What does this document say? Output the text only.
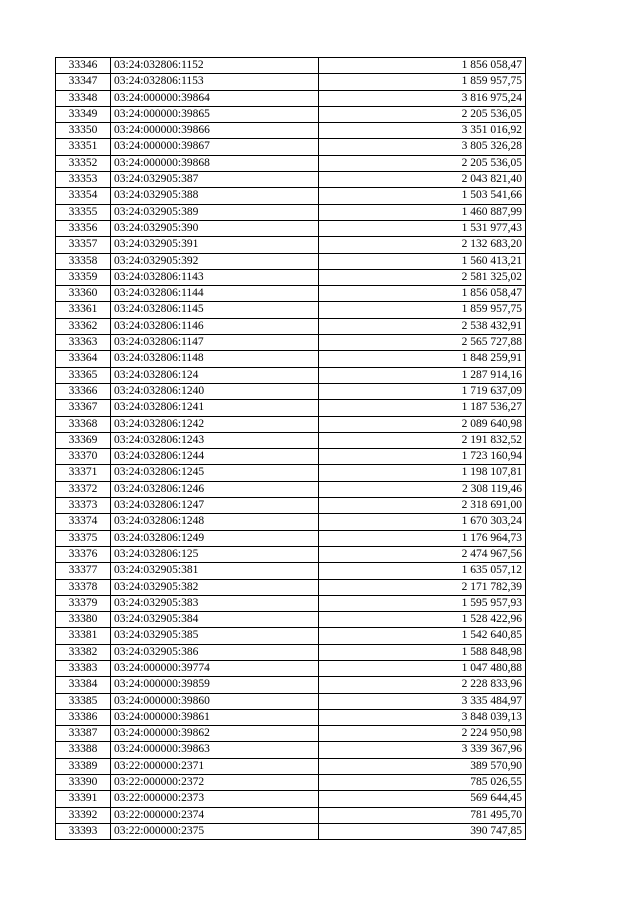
33346	03:24:032806:1152	1 856 058,47
33347	03:24:032806:1153	1 859 957,75
33348	03:24:000000:39864	3 816 975,24
33349	03:24:000000:39865	2 205 536,05
33350	03:24:000000:39866	3 351 016,92
33351	03:24:000000:39867	3 805 326,28
33352	03:24:000000:39868	2 205 536,05
33353	03:24:032905:387	2 043 821,40
33354	03:24:032905:388	1 503 541,66
33355	03:24:032905:389	1 460 887,99
33356	03:24:032905:390	1 531 977,43
33357	03:24:032905:391	2 132 683,20
33358	03:24:032905:392	1 560 413,21
33359	03:24:032806:1143	2 581 325,02
33360	03:24:032806:1144	1 856 058,47
33361	03:24:032806:1145	1 859 957,75
33362	03:24:032806:1146	2 538 432,91
33363	03:24:032806:1147	2 565 727,88
33364	03:24:032806:1148	1 848 259,91
33365	03:24:032806:124	1 287 914,16
33366	03:24:032806:1240	1 719 637,09
33367	03:24:032806:1241	1 187 536,27
33368	03:24:032806:1242	2 089 640,98
33369	03:24:032806:1243	2 191 832,52
33370	03:24:032806:1244	1 723 160,94
33371	03:24:032806:1245	1 198 107,81
33372	03:24:032806:1246	2 308 119,46
33373	03:24:032806:1247	2 318 691,00
33374	03:24:032806:1248	1 670 303,24
33375	03:24:032806:1249	1 176 964,73
33376	03:24:032806:125	2 474 967,56
33377	03:24:032905:381	1 635 057,12
33378	03:24:032905:382	2 171 782,39
33379	03:24:032905:383	1 595 957,93
33380	03:24:032905:384	1 528 422,96
33381	03:24:032905:385	1 542 640,85
33382	03:24:032905:386	1 588 848,98
33383	03:24:000000:39774	1 047 480,88
33384	03:24:000000:39859	2 228 833,96
33385	03:24:000000:39860	3 335 484,97
33386	03:24:000000:39861	3 848 039,13
33387	03:24:000000:39862	2 224 950,98
33388	03:24:000000:39863	3 339 367,96
33389	03:22:000000:2371	389 570,90
33390	03:22:000000:2372	785 026,55
33391	03:22:000000:2373	569 644,45
33392	03:22:000000:2374	781 495,70
33393	03:22:000000:2375	390 747,85
